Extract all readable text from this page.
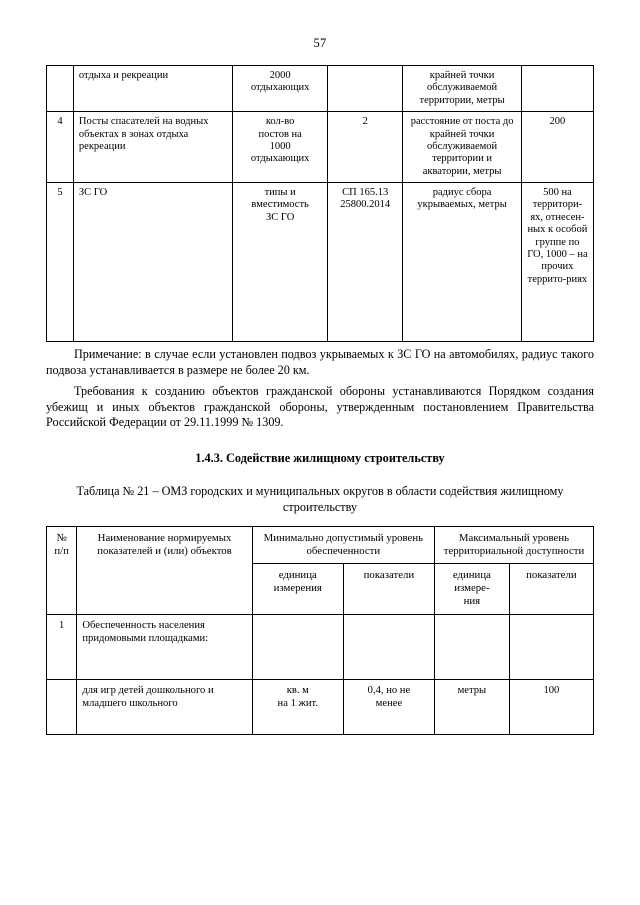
57
	отдыха и рекреации	2000
отдыхающих		крайней точки обслуживаемой территории, метры	
4	Посты спасателей на водных объектах в зонах отдыха рекреации	кол-во
постов на
1000
отдыхающих	2	расстояние от поста до крайней точки обслуживаемой территории и акватории, метры	200
5	ЗС ГО	типы и
вместимость
ЗС ГО	СП 165.13
25800.2014	радиус сбора укрываемых, метры	500 на территори-ях, отнесен-ных к особой группе по ГО, 1000 – на прочих террито-риях
Примечание: в случае если установлен подвоз укрываемых к ЗС ГО на автомобилях, радиус такого подвоза устанавливается в размере не более 20 км.
Требования к созданию объектов гражданской обороны устанавливаются Порядком создания убежищ и иных объектов гражданской обороны, утвержденным постановлением Правительства Российской Федерации от 29.11.1999 № 1309.
1.4.3. Содействие жилищному строительству
Таблица № 21 – ОМЗ городских и муниципальных округов в области содействия жилищному строительству
№
п/п	Наименование нормируемых показателей и (или) объектов	Минимально допустимый уровень обеспеченности		Максимальный уровень территориальной доступности	
		единица
измерения	показатели	единица
измере-
ния	показатели
1	Обеспеченность населения придомовыми площадками:				
	для игр детей дошкольного и младшего школьного	кв. м
на 1 жит.	0,4, но не
менее	метры	100
